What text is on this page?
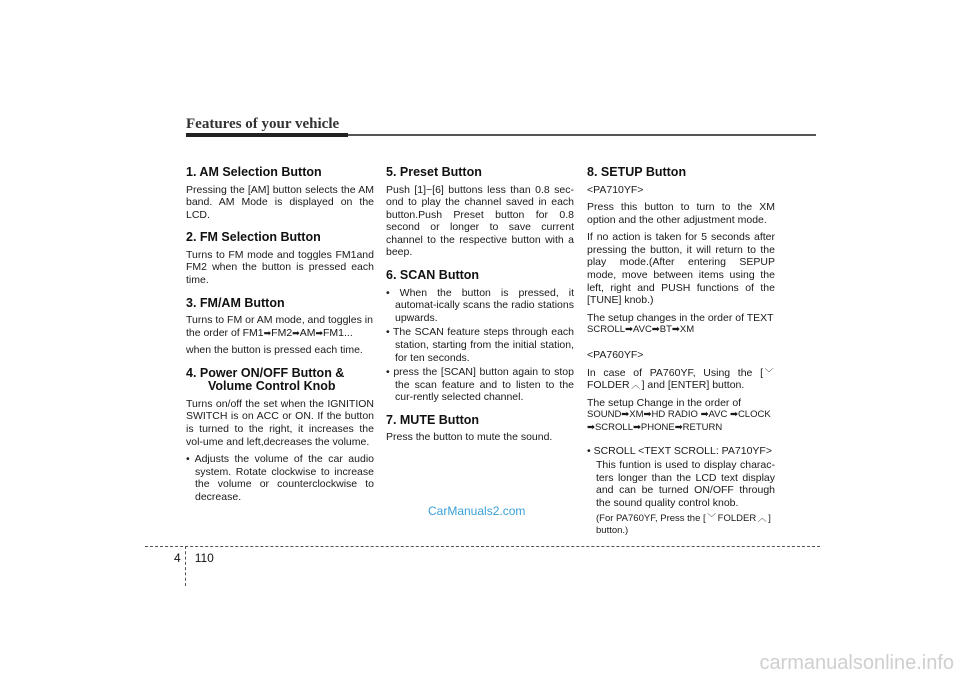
Features of your vehicle
1. AM Selection Button

Pressing the [AM] button selects the AM band. AM Mode is displayed on the LCD.

2. FM Selection Button

Turns to FM mode and toggles FM1and FM2 when the button is pressed each time.

3. FM/AM Button

Turns to FM or AM mode, and toggles in the order of FM1➡FM2➡AM➡FM1...

when the button is pressed each time.

4. Power ON/OFF Button & Volume Control Knob

Turns on/off the set when the IGNITION SWITCH is on ACC or ON. If the button is turned to the right, it increases the vol-ume and left,decreases the volume.

• Adjusts the volume of the car audio system. Rotate clockwise to increase the volume or counterclockwise to decrease.

5. Preset Button

Push [1]~[6] buttons less than 0.8 sec-ond to play the channel saved in each button.Push Preset button for 0.8 second or longer to save current channel to the respective button with a beep.

6. SCAN Button

• When the button is pressed, it automat-ically scans the radio stations upwards.

• The SCAN feature steps through each station, starting from the initial station, for ten seconds.

• press the [SCAN] button again to stop the scan feature and to listen to the cur-rently selected channel.

7. MUTE Button

Press the button to mute the sound.

8. SETUP Button

<PA710YF>

Press this button to turn to the XM option and the other adjustment mode.

If no action is taken for 5 seconds after pressing the button, it will return to the play mode.(After entering SEPUP mode, move between items using the left, right and PUSH functions of the [TUNE] knob.)

The setup changes in the order of TEXT

SCROLL➡AVC➡BT➡XM

<PA760YF>

In case of PA760YF, Using the [﹀FOLDER︿ ] and [ENTER] button.

The setup Change in the order of

SOUND➡XM➡HD RADIO ➡AVC ➡CLOCK

➡SCROLL➡PHONE➡RETURN

• SCROLL <TEXT SCROLL: PA710YF>

This funtion is used to display charac-ters longer than the LCD text display and can be turned ON/OFF through the sound quality control knob.

(For PA760YF, Press the [﹀ FOLDER︿ ]

button.)

CarManuals2.com
4 110
carmanualsonline.info
